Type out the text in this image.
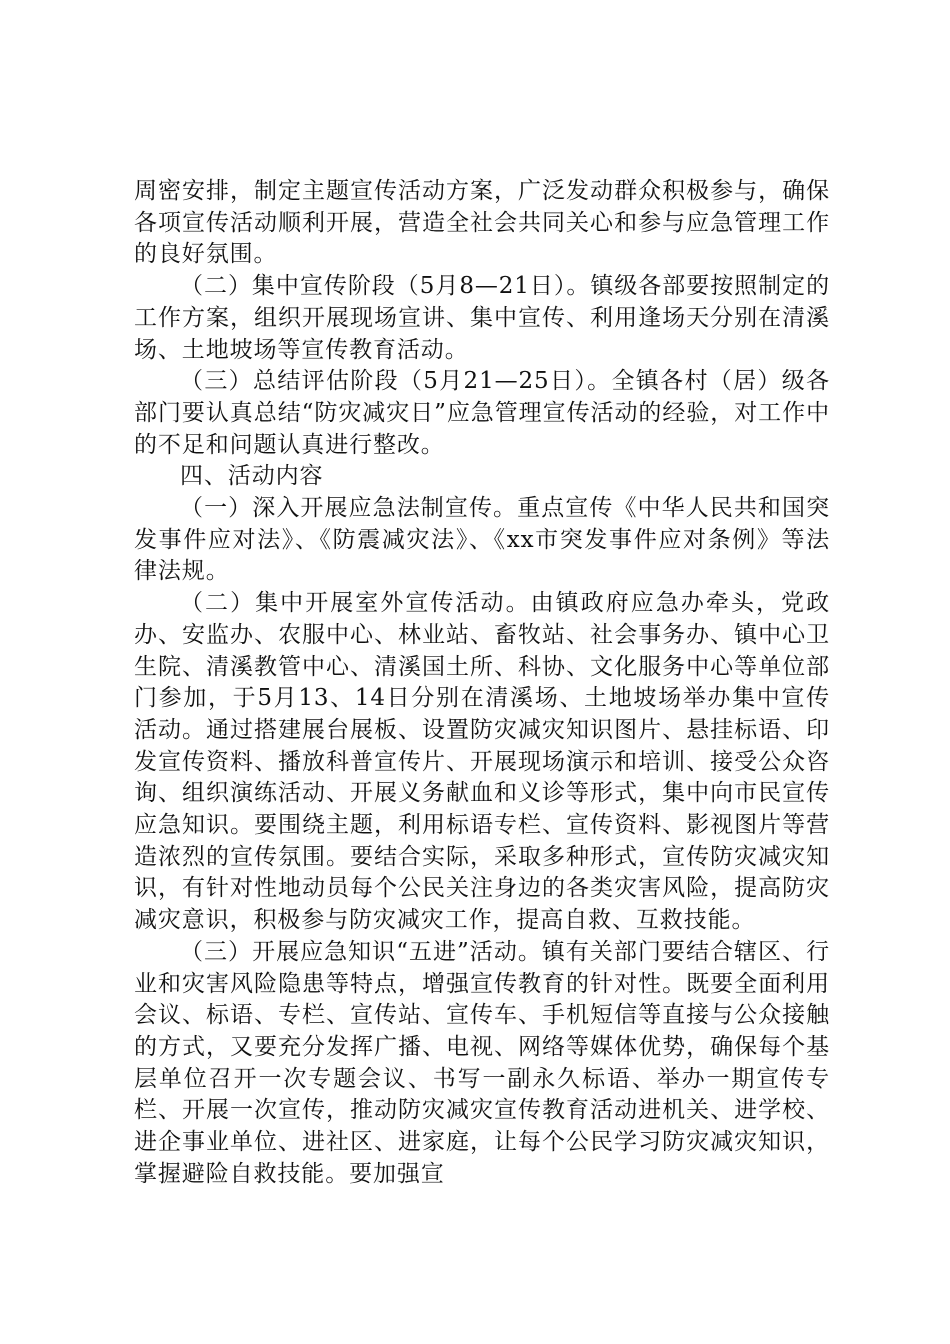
周密安排，制定主题宣传活动方案，广泛发动群众积极参与，确保各项宣传活动顺利开展，营造全社会共同关心和参与应急管理工作的良好氛围。

（二）集中宣传阶段（5月8—21日）。镇级各部要按照制定的工作方案，组织开展现场宣讲、集中宣传、利用逢场天分别在清溪场、土地坡场等宣传教育活动。

（三）总结评估阶段（5月21—25日）。全镇各村（居）级各部门要认真总结“防灾减灾日”应急管理宣传活动的经验，对工作中的不足和问题认真进行整改。

四、活动内容

（一）深入开展应急法制宣传。重点宣传《中华人民共和国突发事件应对法》、《防震减灾法》、《xx市突发事件应对条例》等法律法规。

（二）集中开展室外宣传活动。由镇政府应急办牵头，党政办、安监办、农服中心、林业站、畜牧站、社会事务办、镇中心卫生院、清溪教管中心、清溪国土所、科协、文化服务中心等单位部门参加，于5月13、14日分别在清溪场、土地坡场举办集中宣传活动。通过搭建展台展板、设置防灾减灾知识图片、悬挂标语、印发宣传资料、播放科普宣传片、开展现场演示和培训、接受公众咨询、组织演练活动、开展义务献血和义诊等形式，集中向市民宣传应急知识。要围绕主题，利用标语专栏、宣传资料、影视图片等营造浓烈的宣传氛围。要结合实际，采取多种形式，宣传防灾减灾知识，有针对性地动员每个公民关注身边的各类灾害风险，提高防灾减灾意识，积极参与防灾减灾工作，提高自救、互救技能。

（三）开展应急知识“五进”活动。镇有关部门要结合辖区、行业和灾害风险隐患等特点，增强宣传教育的针对性。既要全面利用会议、标语、专栏、宣传站、宣传车、手机短信等直接与公众接触的方式，又要充分发挥广播、电视、网络等媒体优势，确保每个基层单位召开一次专题会议、书写一副永久标语、举办一期宣传专栏、开展一次宣传，推动防灾减灾宣传教育活动进机关、进学校、进企事业单位、进社区、进家庭，让每个公民学习防灾减灾知识，掌握避险自救技能。要加强宣
